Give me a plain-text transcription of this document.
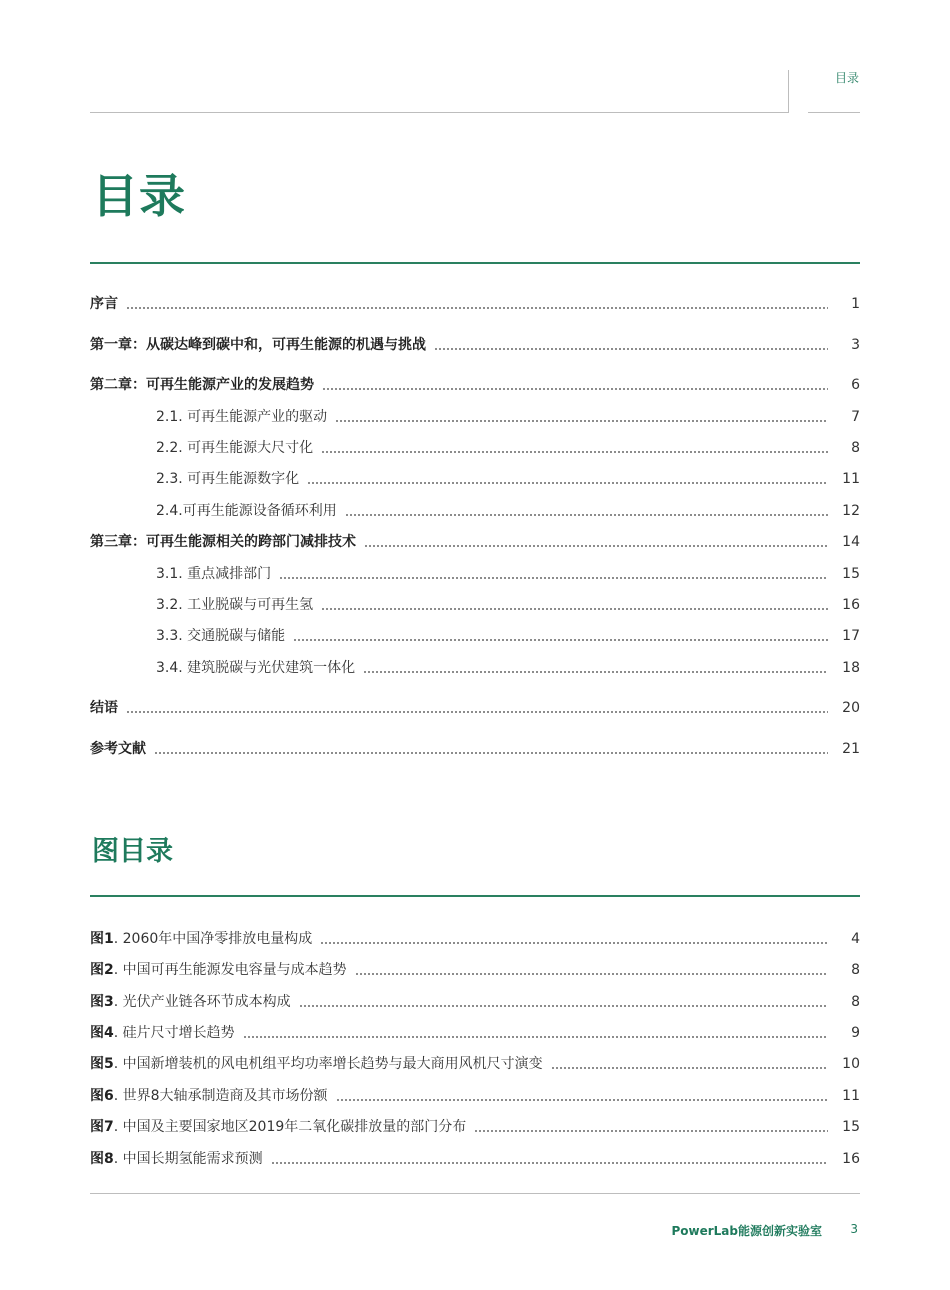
目录
目录
序言	1
第一章：从碳达峰到碳中和，可再生能源的机遇与挑战	3
第二章：可再生能源产业的发展趋势	6
2.1. 可再生能源产业的驱动	7
2.2. 可再生能源大尺寸化	8
2.3. 可再生能源数字化	11
2.4.可再生能源设备循环利用	12
第三章：可再生能源相关的跨部门减排技术	14
3.1. 重点减排部门	15
3.2. 工业脱碳与可再生氢	16
3.3. 交通脱碳与储能	17
3.4. 建筑脱碳与光伏建筑一体化	18
结语	20
参考文献	21
图目录
图1. 2060年中国净零排放电量构成	4
图2. 中国可再生能源发电容量与成本趋势	8
图3. 光伏产业链各环节成本构成	8
图4. 硅片尺寸增长趋势	9
图5. 中国新增装机的风电机组平均功率增长趋势与最大商用风机尺寸演变	10
图6. 世界8大轴承制造商及其市场份额	11
图7. 中国及主要国家地区2019年二氧化碳排放量的部门分布	15
图8. 中国长期氢能需求预测	16
PowerLab能源创新实验室 3
